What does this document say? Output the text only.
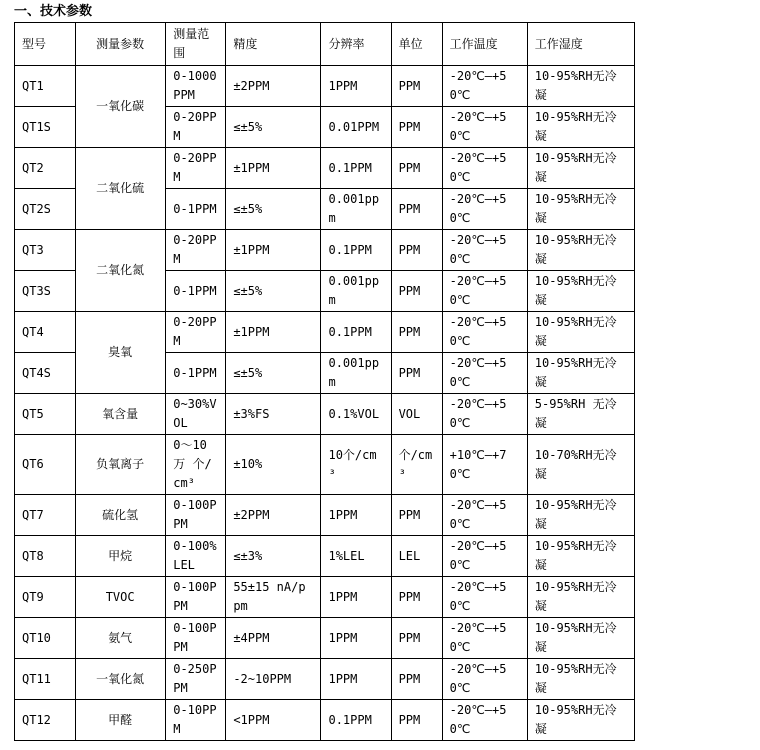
一、技术参数
型号	测量参数	测量范围	精度	分辨率	单位	工作温度	工作湿度
QT1	一氧化碳	0-1000PPM	±2PPM	1PPM	PPM	-20℃—+50℃	10-95%RH无冷凝
QT1S		0-20PPM	≤±5%	0.01PPM	PPM	-20℃—+50℃	10-95%RH无冷凝
QT2	二氧化硫	0-20PPM	±1PPM	0.1PPM	PPM	-20℃—+50℃	10-95%RH无冷凝
QT2S		0-1PPM	≤±5%	0.001ppm	PPM	-20℃—+50℃	10-95%RH无冷凝
QT3	二氧化氮	0-20PPM	±1PPM	0.1PPM	PPM	-20℃—+50℃	10-95%RH无冷凝
QT3S		0-1PPM	≤±5%	0.001ppm	PPM	-20℃—+50℃	10-95%RH无冷凝
QT4	臭氧	0-20PPM	±1PPM	0.1PPM	PPM	-20℃—+50℃	10-95%RH无冷凝
QT4S		0-1PPM	≤±5%	0.001ppm	PPM	-20℃—+50℃	10-95%RH无冷凝
QT5	氧含量	0~30%VOL	±3%FS	0.1%VOL	VOL	-20℃—+50℃	5-95%RH 无冷凝
QT6	负氧离子	0～10万 个/cm³	±10%	10个/cm³	个/cm³	+10℃—+70℃	10-70%RH无冷凝
QT7	硫化氢	0-100PPM	±2PPM	1PPM	PPM	-20℃—+50℃	10-95%RH无冷凝
QT8	甲烷	0-100%LEL	≤±3%	1%LEL	LEL	-20℃—+50℃	10-95%RH无冷凝
QT9	TVOC	0-100PPM	55±15 nA/ppm	1PPM	PPM	-20℃—+50℃	10-95%RH无冷凝
QT10	氨气	0-100PPM	±4PPM	1PPM	PPM	-20℃—+50℃	10-95%RH无冷凝
QT11	一氧化氮	0-250PPM	-2~10PPM	1PPM	PPM	-20℃—+50℃	10-95%RH无冷凝
QT12	甲醛	0-10PPM	<1PPM	0.1PPM	PPM	-20℃—+50℃	10-95%RH无冷凝
